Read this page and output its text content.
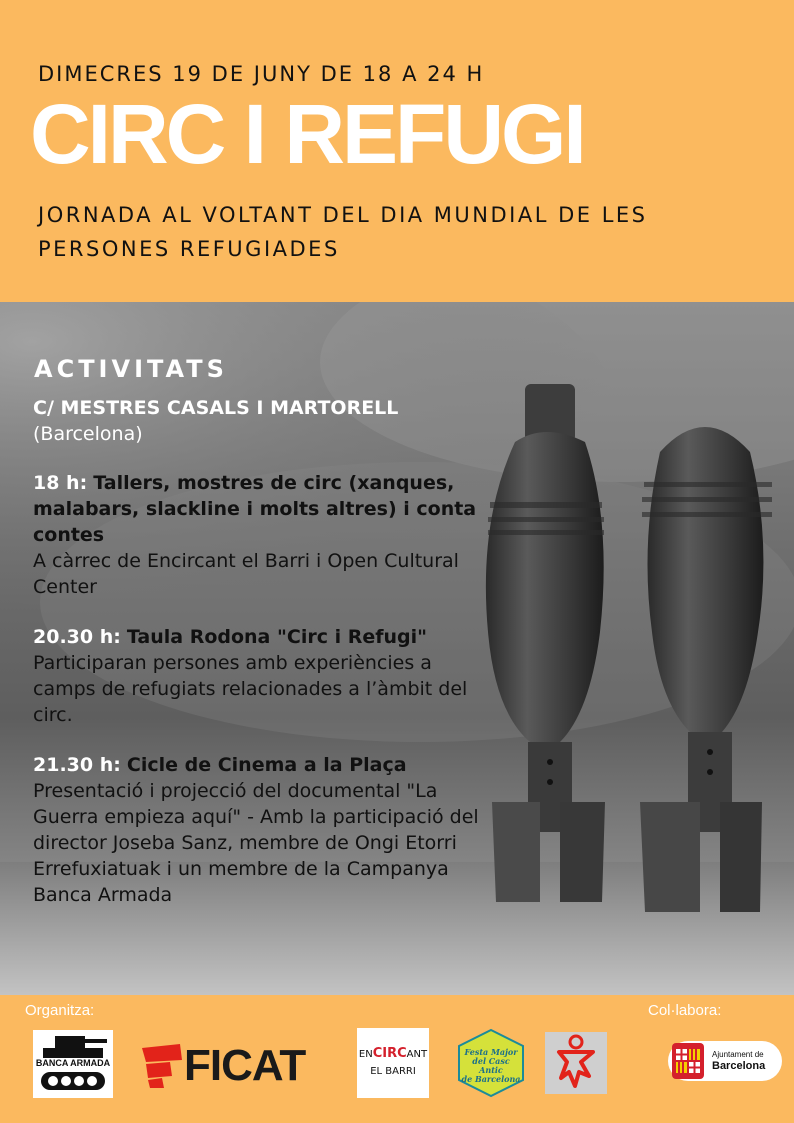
DIMECRES 19 DE JUNY DE 18 A 24 H
CIRC I REFUGI
JORNADA AL VOLTANT DEL DIA MUNDIAL DE LES PERSONES REFUGIADES
ACTIVITATS
C/ MESTRES CASALS I MARTORELL
(Barcelona)
18 h: Tallers, mostres de circ (xanques, malabars, slackline i molts altres) i conta contes
A càrrec de Encircant el Barri i Open Cultural Center
20.30 h: Taula Rodona "Circ i Refugi"
Participaran persones amb experiències a camps de refugiats relacionades a l’àmbit del circ.
21.30 h: Cicle de Cinema a la Plaça
Presentació i projecció del documental "La Guerra empieza aquí" - Amb la participació del director Joseba Sanz, membre de Ongi Etorri Errefuxiatuak i un membre de la Campanya Banca Armada
Organitza:	Col·labora:
BANCA ARMADA FICAT	ENCIRCANT
EL BARRI
Festa Major
del Casc Antic
de Barcelona
Ajuntament de
Barcelona
